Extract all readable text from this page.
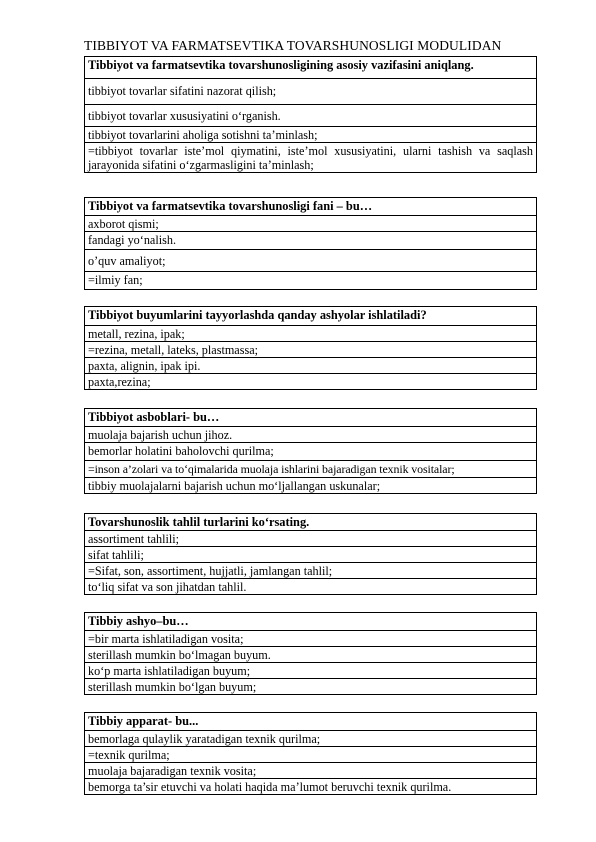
TIBBIYOT VA FARMATSEVTIKA TOVARSHUNOSLIGI MODULIDAN
Tibbiyot va farmatsevtika tovarshunosligining asosiy vazifasini aniqlang.
tibbiyot tovarlar sifatini nazorat qilish;
tibbiyot tovarlar xususiyatini o‘rganish.
tibbiyot tovarlarini aholiga sotishni ta’minlash;
=tibbiyot tovarlar iste’mol qiymatini, iste’mol xususiyatini, ularni tashish va saqlash jarayonida sifatini o‘zgarmasligini ta’minlash;
Tibbiyot va farmatsevtika tovarshunosligi fani – bu…
axborot qismi;
fandagi yo‘nalish.
o’quv amaliyot;
=ilmiy fan;
Tibbiyot buyumlarini tayyorlashda qanday ashyolar ishlatiladi?
metall, rezina, ipak;
=rezina, metall, lateks, plastmassa;
paxta, alignin, ipak ipi.
paxta,rezina;
Tibbiyot asboblari- bu…
muolaja bajarish uchun jihoz.
bemorlar holatini baholovchi qurilma;
=inson a’zolari va to‘qimalarida muolaja ishlarini bajaradigan texnik vositalar;
tibbiy muolajalarni bajarish uchun mo‘ljallangan uskunalar;
Tovarshunoslik tahlil turlarini ko‘rsating.
assortiment tahlili;
sifat tahlili;
=Sifat, son, assortiment, hujjatli, jamlangan tahlil;
to‘liq sifat va son jihatdan tahlil.
Tibbiy ashyo–bu…
=bir marta ishlatiladigan vosita;
sterillash mumkin bo‘lmagan buyum.
ko‘p marta ishlatiladigan buyum;
sterillash mumkin bo‘lgan buyum;
Tibbiy apparat- bu...
bemorlaga qulaylik yaratadigan texnik qurilma;
=texnik qurilma;
muolaja bajaradigan texnik vosita;
bemorga ta’sir etuvchi va holati haqida ma’lumot beruvchi texnik qurilma.
